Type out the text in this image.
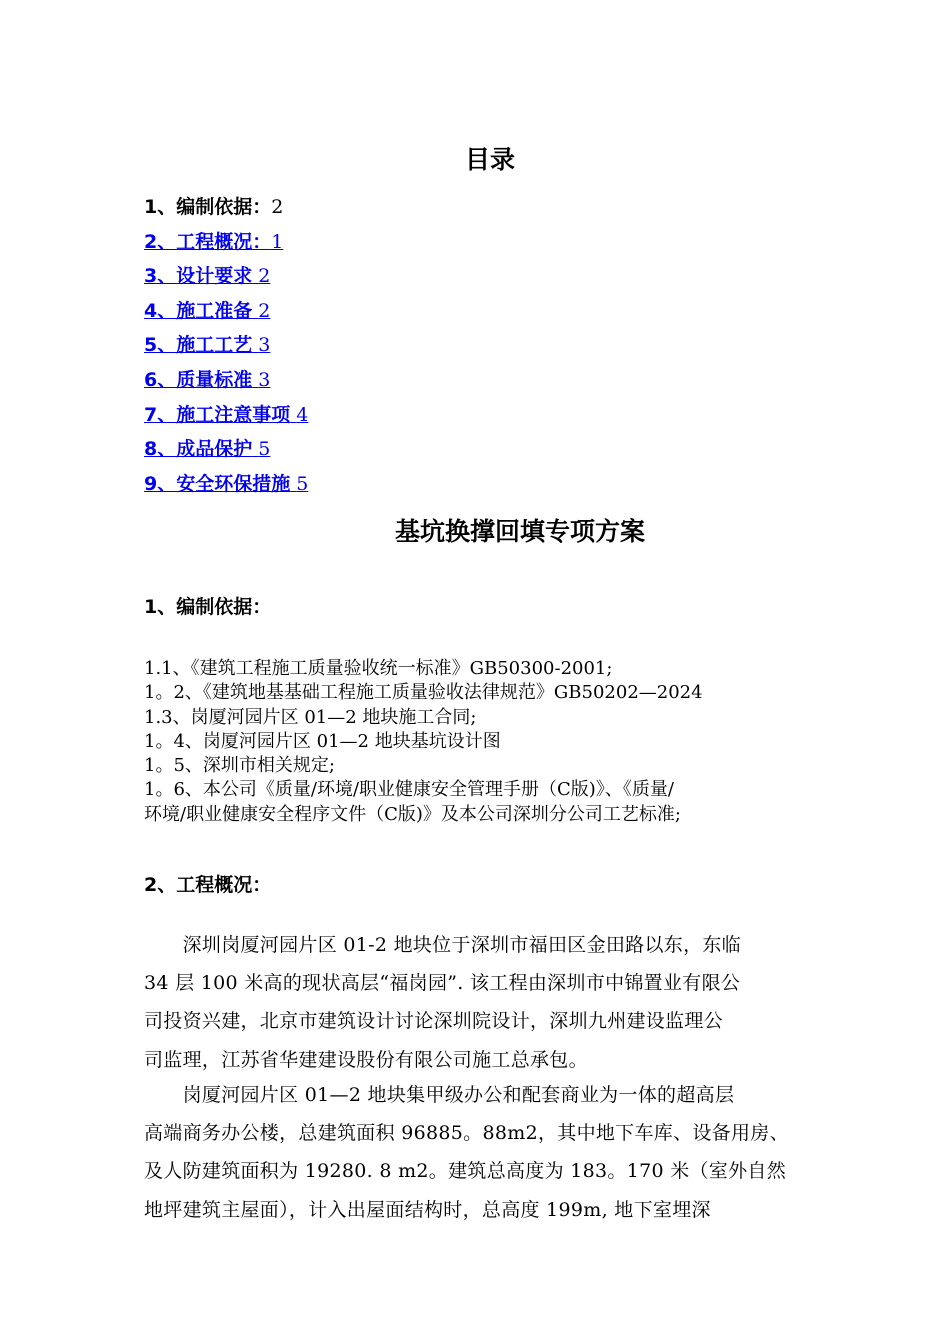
目录
1、编制依据：2
2、工程概况：1
3、设计要求 2
4、施工准备 2
5、施工工艺 3
6、质量标准 3
7、施工注意事项 4
8、成品保护 5
9、安全环保措施 5
基坑换撑回填专项方案
1、编制依据：
1.1、《建筑工程施工质量验收统一标准》GB50300-2001;
1。2、《建筑地基基础工程施工质量验收法律规范》GB50202—2024
1.3、岗厦河园片区 01—2 地块施工合同;
1。4、岗厦河园片区 01—2 地块基坑设计图
1。5、深圳市相关规定;
1。6、本公司《质量/环境/职业健康安全管理手册（C版)》、《质量/
环境/职业健康安全程序文件（C版)》及本公司深圳分公司工艺标准;
2、工程概况：
　　深圳岗厦河园片区 01-2 地块位于深圳市福田区金田路以东，东临
34 层 100 米高的现状高层“福岗园”. 该工程由深圳市中锦置业有限公
司投资兴建，北京市建筑设计讨论深圳院设计，深圳九州建设监理公
司监理，江苏省华建建设股份有限公司施工总承包。
　　岗厦河园片区 01—2 地块集甲级办公和配套商业为一体的超高层
高端商务办公楼，总建筑面积 96885。88m2，其中地下车库、设备用房、
及人防建筑面积为 19280. 8 m2。建筑总高度为 183。170 米（室外自然
地坪建筑主屋面），计入出屋面结构时，总高度 199m, 地下室埋深
